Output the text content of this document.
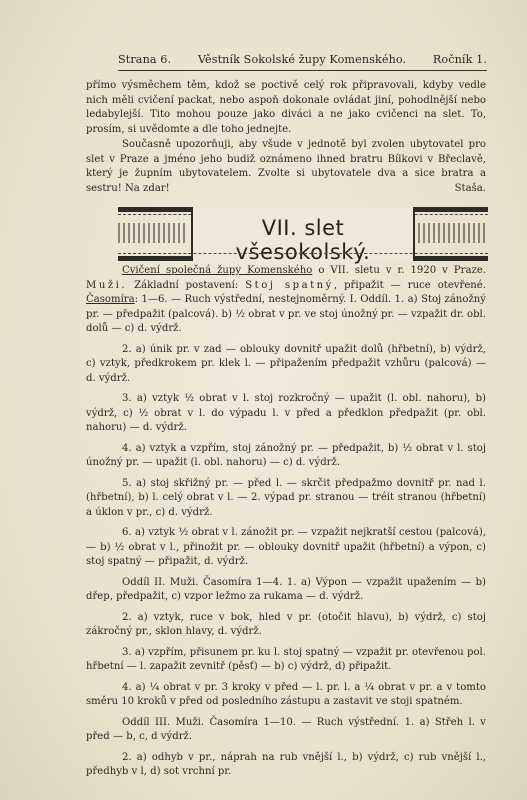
Strana 6. Věstník Sokolské župy Komenského. Ročník 1.

přímo výsměchem těm, kdož se poctivě celý rok připravovali, kdyby vedle nich měli cvičení packat, nebo aspoň dokonale ovládat jiní, pohodlnější nebo ledabylejší. Tito mohou pouze jako diváci a ne jako cvičenci na slet. To, prosím, si uvědomte a dle toho jednejte.

Současně upozorňuji, aby všude v jednotě byl zvolen ubytovatel pro slet v Praze a jméno jeho budiž oznámeno ihned bratru Bílkovi v Břeclavě, který je župním ubytovatelem. Zvolte si ubytovatele dva a sice bratra a sestru! Na zdar!	Staša.

VII. slet všesokolský.

Cvičení společná župy Komenského o VII. sletu v r. 1920 v Praze. Muži. Základní postavení: Stoj spatný, připažit — ruce otevřené. Časomíra: 1—6. — Ruch výstřední, nestejnoměrný. I. Oddíl. 1. a) Stoj zánožný pr. — předpažit (palcová). b) ½ obrat v pr. ve stoj únožný pr. — vzpažit dr. obl. dolů — c) d. výdrž.

2. a) únik pr. v zad — oblouky dovnitř upažit dolů (hřbetní), b) výdrž, c) vztyk, předkrokem pr. klek l. — připažením předpažit vzhůru (palcová) — d. výdrž.

3. a) vztyk ½ obrat v l. stoj rozkročný — upažit (l. obl. nahoru), b) výdrž, c) ½ obrat v l. do výpadu l. v před a předklon předpažit (pr. obl. nahoru) — d. výdrž.

4. a) vztyk a vzpřím, stoj zánožný pr. — předpažit, b) ½ obrat v l. stoj únožný pr. — upažit (l. obl. nahoru) — c) d. výdrž.

5. a) stoj skřižný pr. — před l. — skrčit předpažmo dovnitř pr. nad l. (hřbetní), b) l. celý obrat v l. — 2. výpad pr. stranou — tréit stranou (hřbetní) a úklon v pr., c) d. výdrž.

6. a) vztyk ½ obrat v l. zánožit pr. — vzpažit nejkratší cestou (palcová), — b) ½ obrat v l., přinožit pr. — oblouky dovnitř upažit (hřbetní) a výpon, c) stoj spatný — připažit, d. výdrž.

Oddíl II. Muži. Časomíra 1—4. 1. a) Výpon — vzpažit upažením — b) dřep, předpažit, c) vzpor ležmo za rukama — d. výdrž.

2. a) vztyk, ruce v bok, hled v pr. (otočit hlavu), b) výdrž, c) stoj zákročný pr., sklon hlavy, d. výdrž.

3. a) vzpřím, přisunem pr. ku l. stoj spatný — vzpažit pr. otevřenou pol. hřbetní — l. zapažit zevnitř (pěsť) — b) c) výdrž, d) připažit.

4. a) ¼ obrat v pr. 3 kroky v před — l. pr. l. a ¼ obrat v pr. a v tomto směru 10 kroků v před od posledního zástupu a zastavit ve stoji spatném.

Oddíl III. Muži. Časomíra 1—10. — Ruch výstřední. 1. a) Střeh l. v před — b, c, d výdrž.

2. a) odhyb v pr., náprah na rub vnější l., b) výdrž, c) rub vnější l., předhyb v l, d) sot vrchní pr.
